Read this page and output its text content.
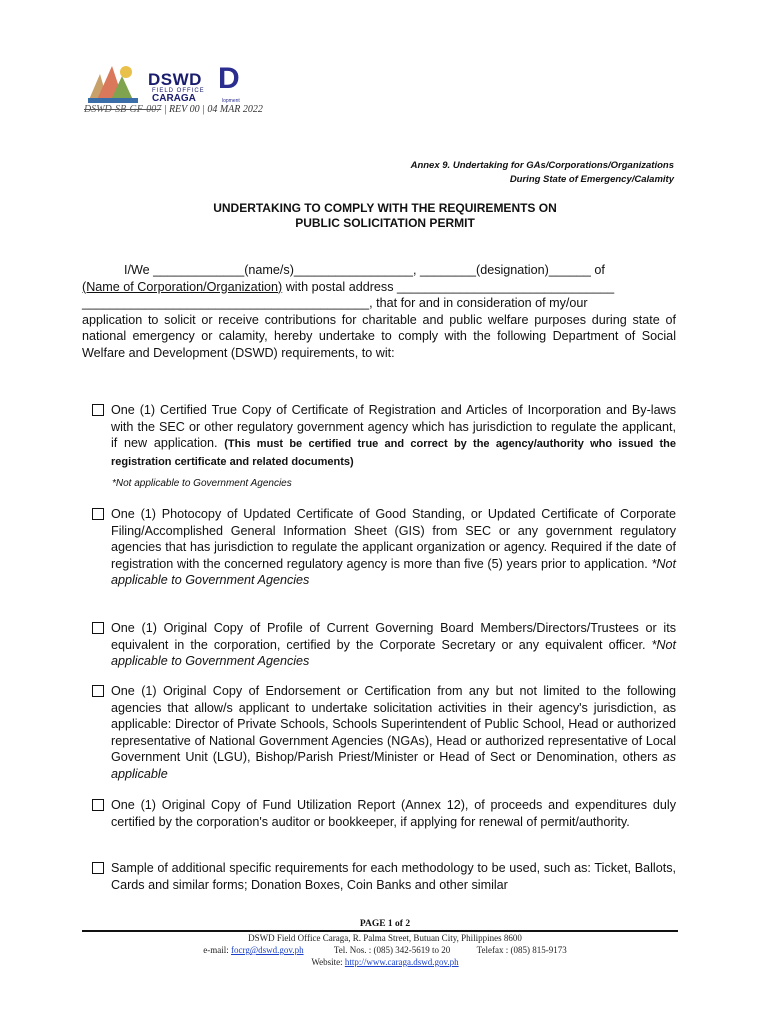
DSWD
FIELD OFFICE
CARAGA
D
lopment
DSWD-SB-GF-007 | REV 00 | 04 MAR 2022
Annex 9. Undertaking for GAs/Corporations/Organizations
During State of Emergency/Calamity
UNDERTAKING TO COMPLY WITH THE REQUIREMENTS ON
PUBLIC SOLICITATION PERMIT
I/We _____________(name/s)_________________, ________(designation)______ of
(Name of Corporation/Organization) with postal address _______________________________
_________________________________________, that for and in consideration of my/our
application to solicit or receive contributions for charitable and public welfare purposes during state of national emergency or calamity, hereby undertake to comply with the following Department of Social Welfare and Development (DSWD) requirements, to wit:
One (1) Certified True Copy of Certificate of Registration and Articles of Incorporation and By-laws with the SEC or other regulatory government agency which has jurisdiction to regulate the applicant, if new application. (This must be certified true and correct by the agency/authority who issued the registration certificate and related documents)
*Not applicable to Government Agencies
One (1) Photocopy of Updated Certificate of Good Standing, or Updated Certificate of Corporate Filing/Accomplished General Information Sheet (GIS) from SEC or any government regulatory agencies that has jurisdiction to regulate the applicant organization or agency. Required if the date of registration with the concerned regulatory agency is more than five (5) years prior to application. *Not applicable to Government Agencies
One (1) Original Copy of Profile of Current Governing Board Members/Directors/Trustees or its equivalent in the corporation, certified by the Corporate Secretary or any equivalent officer. *Not applicable to Government Agencies
One (1) Original Copy of Endorsement or Certification from any but not limited to the following agencies that allow/s applicant to undertake solicitation activities in their agency's jurisdiction, as applicable: Director of Private Schools, Schools Superintendent of Public School, Head or authorized representative of National Government Agencies (NGAs), Head or authorized representative of Local Government Unit (LGU), Bishop/Parish Priest/Minister or Head of Sect or Denomination, others as applicable
One (1) Original Copy of Fund Utilization Report (Annex 12), of proceeds and expenditures duly certified by the corporation's auditor or bookkeeper, if applying for renewal of permit/authority.
Sample of additional specific requirements for each methodology to be used, such as: Ticket, Ballots, Cards and similar forms; Donation Boxes, Coin Banks and other similar
PAGE 1 of 2
DSWD Field Office Caraga, R. Palma Street, Butuan City, Philippines 8600
e-mail: focrg@dswd.gov.ph	Tel. Nos. : (085) 342-5619 to 20	Telefax : (085) 815-9173
Website: http://www.caraga.dswd.gov.ph
